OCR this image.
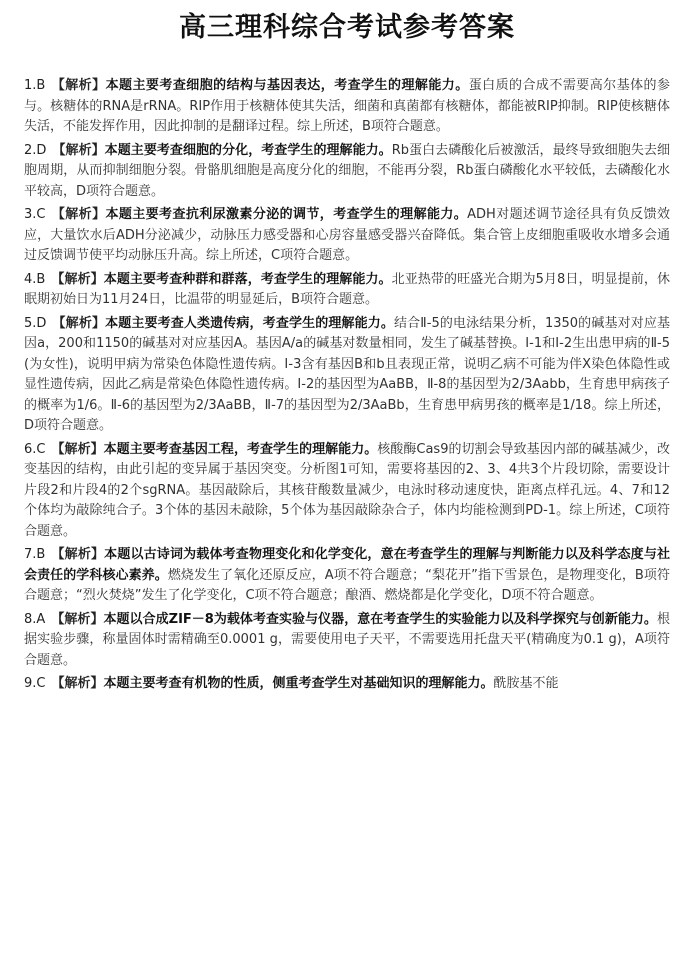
高三理科综合考试参考答案

1.B 【解析】本题主要考查细胞的结构与基因表达，考查学生的理解能力。蛋白质的合成不需要高尔基体的参与。核糖体的RNA是rRNA。RIP作用于核糖体使其失活，细菌和真菌都有核糖体，都能被RIP抑制。RIP使核糖体失活，不能发挥作用，因此抑制的是翻译过程。综上所述，B项符合题意。

2.D 【解析】本题主要考查细胞的分化，考查学生的理解能力。Rb蛋白去磷酸化后被激活，最终导致细胞失去细胞周期，从而抑制细胞分裂。骨骼肌细胞是高度分化的细胞，不能再分裂，Rb蛋白磷酸化水平较低，去磷酸化水平较高，D项符合题意。

3.C 【解析】本题主要考查抗利尿激素分泌的调节，考查学生的理解能力。ADH对题述调节途径具有负反馈效应，大量饮水后ADH分泌减少，动脉压力感受器和心房容量感受器兴奋降低。集合管上皮细胞重吸收水增多会通过反馈调节使平均动脉压升高。综上所述，C项符合题意。

4.B 【解析】本题主要考查种群和群落，考查学生的理解能力。北亚热带的旺盛光合期为5月8日，明显提前，休眠期初始日为11月24日，比温带的明显延后，B项符合题意。

5.D 【解析】本题主要考查人类遗传病，考查学生的理解能力。结合Ⅱ-5的电泳结果分析，1350的碱基对对应基因a，200和1150的碱基对对应基因A。基因A/a的碱基对数量相同，发生了碱基替换。Ⅰ-1和Ⅰ-2生出患甲病的Ⅱ-5(为女性)，说明甲病为常染色体隐性遗传病。Ⅰ-3含有基因B和b且表现正常，说明乙病不可能为伴X染色体隐性或显性遗传病，因此乙病是常染色体隐性遗传病。Ⅰ-2的基因型为AaBB，Ⅱ-8的基因型为2/3Aabb，生育患甲病孩子的概率为1/6。Ⅱ-6的基因型为2/3AaBB，Ⅱ-7的基因型为2/3AaBb，生育患甲病男孩的概率是1/18。综上所述，D项符合题意。

6.C 【解析】本题主要考查基因工程，考查学生的理解能力。核酸酶Cas9的切割会导致基因内部的碱基减少，改变基因的结构，由此引起的变异属于基因突变。分析图1可知，需要将基因的2、3、4共3个片段切除，需要设计片段2和片段4的2个sgRNA。基因敲除后，其核苷酸数量减少，电泳时移动速度快，距离点样孔远。4、7和12个体均为敲除纯合子。3个体的基因未敲除，5个体为基因敲除杂合子，体内均能检测到PD-1。综上所述，C项符合题意。

7.B 【解析】本题以古诗词为载体考查物理变化和化学变化，意在考查学生的理解与判断能力以及科学态度与社会责任的学科核心素养。燃烧发生了氧化还原反应，A项不符合题意；“梨花开”指下雪景色，是物理变化，B项符合题意；“烈火焚烧”发生了化学变化，C项不符合题意；酿酒、燃烧都是化学变化，D项不符合题意。

8.A 【解析】本题以合成ZIF－8为载体考查实验与仪器，意在考查学生的实验能力以及科学探究与创新能力。根据实验步骤，称量固体时需精确至0.0001 g，需要使用电子天平，不需要选用托盘天平(精确度为0.1 g)，A项符合题意。

9.C 【解析】本题主要考查有机物的性质，侧重考查学生对基础知识的理解能力。酰胺基不能
